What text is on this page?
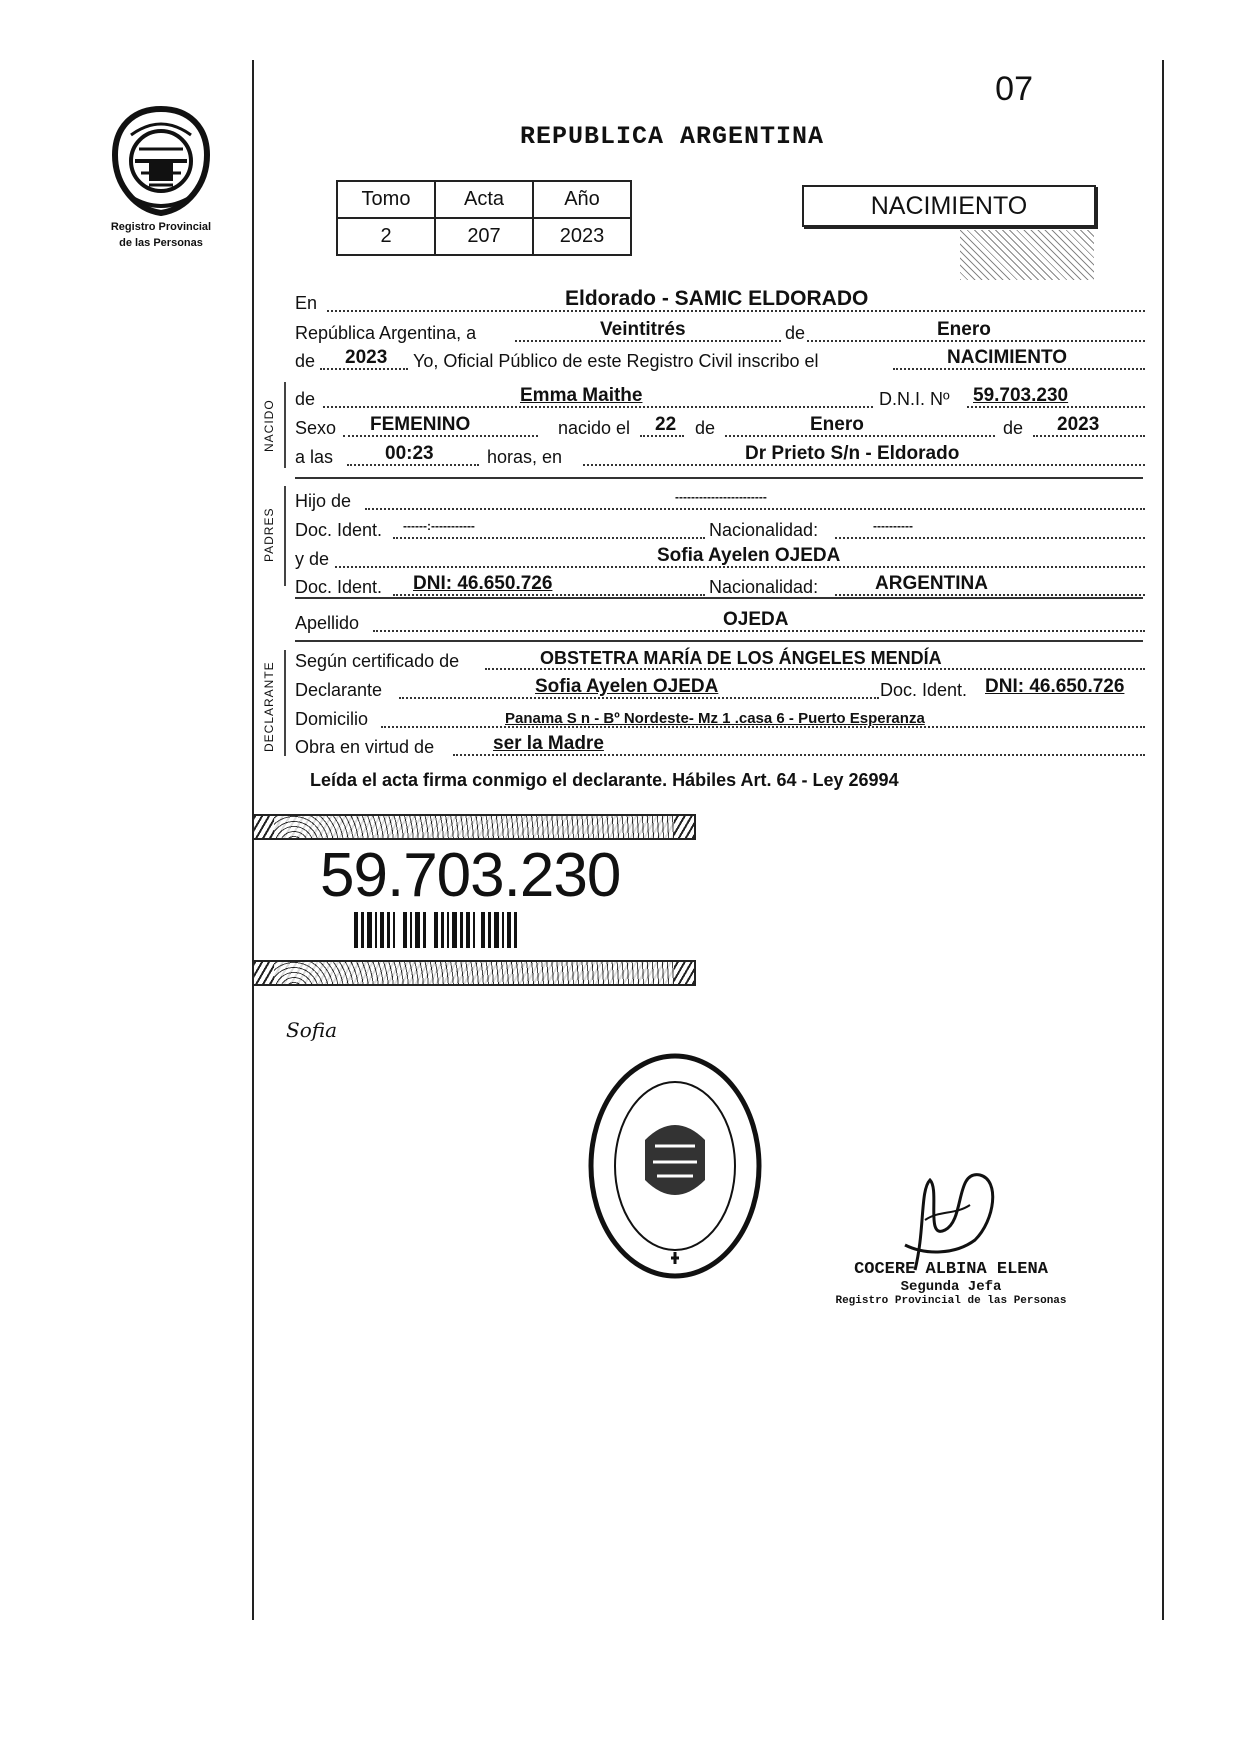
Registro Provincial
de las Personas
07
REPUBLICA ARGENTINA
Tomo	Acta	Año
2	207	2023
NACIMIENTO
En	Eldorado - SAMIC ELDORADO
República Argentina, a	Veintitrés	de	Enero
de 2023 Yo, Oficial Público de este Registro Civil inscribo el	NACIMIENTO
NACIDO
de	Emma Maithe	D.N.I. Nº 59.703.230
Sexo FEMENINO	nacido el 22 de	Enero	de 2023
a las	00:23	horas, en	Dr Prieto S/n - Eldorado
PADRES
Hijo de	-----------------------
Doc. Ident. ------:-----------	Nacionalidad:	----------
y de	Sofia Ayelen OJEDA
Doc. Ident. DNI: 46.650.726	Nacionalidad:	ARGENTINA
Apellido	OJEDA
DECLARANTE
Según certificado de	OBSTETRA MARÍA DE LOS ÁNGELES MENDÍA
Declarante	Sofia Ayelen OJEDA	Doc. Ident. DNI: 46.650.726
Domicilio	Panama S n - Bº Nordeste- Mz 1 .casa 6 - Puerto Esperanza
Obra en virtud de	ser la Madre
Leída el acta firma conmigo el declarante. Hábiles Art. 64 - Ley 26994
59.703.230
Sofia
COCERE ALBINA ELENA
Segunda Jefa
Registro Provincial de las Personas
